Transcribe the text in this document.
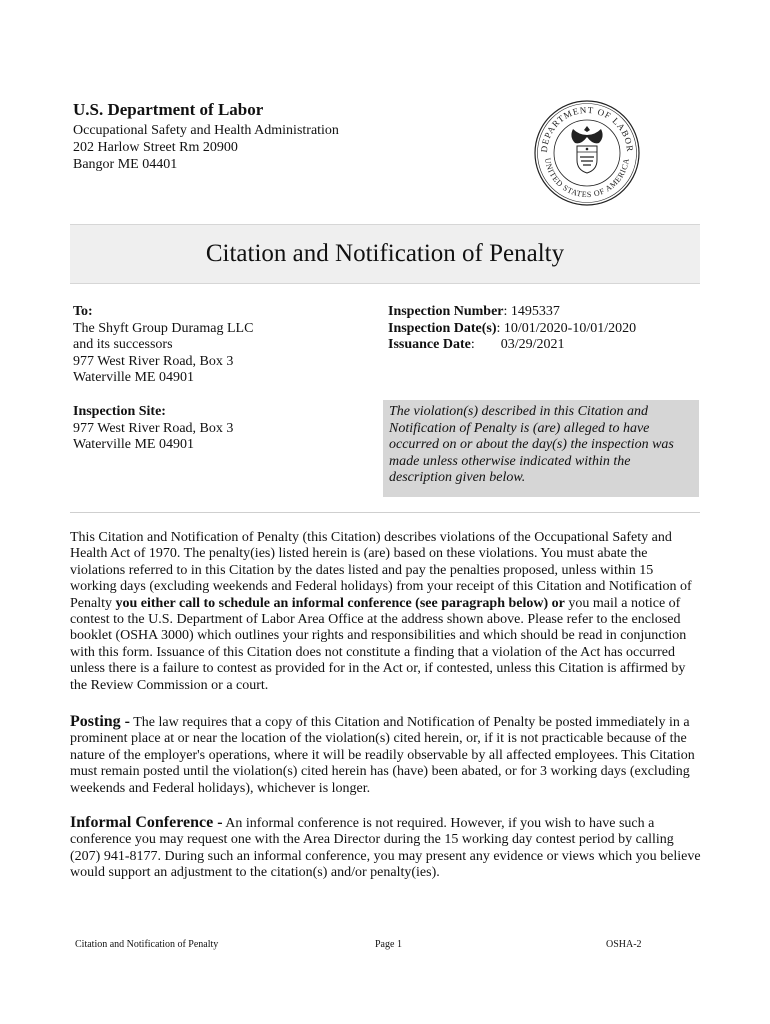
U.S. Department of Labor
Occupational Safety and Health Administration
202 Harlow Street Rm 20900
Bangor ME 04401
DEPARTMENT OF LABOR
UNITED STATES OF AMERICA
Citation and Notification of Penalty
To:
The Shyft Group Duramag LLC
and its successors
977 West River Road, Box 3
Waterville ME 04901
Inspection Site:
977 West River Road, Box 3
Waterville ME 04901
Inspection Number: 1495337
Inspection Date(s): 10/01/2020-10/01/2020
Issuance Date: 03/29/2021
The violation(s) described in this Citation and Notification of Penalty is (are) alleged to have occurred on or about the day(s) the inspection was made unless otherwise indicated within the description given below.
This Citation and Notification of Penalty (this Citation) describes violations of the Occupational Safety and Health Act of 1970. The penalty(ies) listed herein is (are) based on these violations. You must abate the violations referred to in this Citation by the dates listed and pay the penalties proposed, unless within 15 working days (excluding weekends and Federal holidays) from your receipt of this Citation and Notification of Penalty you either call to schedule an informal conference (see paragraph below) or you mail a notice of contest to the U.S. Department of Labor Area Office at the address shown above. Please refer to the enclosed booklet (OSHA 3000) which outlines your rights and responsibilities and which should be read in conjunction with this form. Issuance of this Citation does not constitute a finding that a violation of the Act has occurred unless there is a failure to contest as provided for in the Act or, if contested, unless this Citation is affirmed by the Review Commission or a court.
Posting - The law requires that a copy of this Citation and Notification of Penalty be posted immediately in a prominent place at or near the location of the violation(s) cited herein, or, if it is not practicable because of the nature of the employer's operations, where it will be readily observable by all affected employees. This Citation must remain posted until the violation(s) cited herein has (have) been abated, or for 3 working days (excluding weekends and Federal holidays), whichever is longer.
Informal Conference - An informal conference is not required. However, if you wish to have such a conference you may request one with the Area Director during the 15 working day contest period by calling (207) 941-8177. During such an informal conference, you may present any evidence or views which you believe would support an adjustment to the citation(s) and/or penalty(ies).
Citation and Notification of Penalty	Page 1	OSHA-2
